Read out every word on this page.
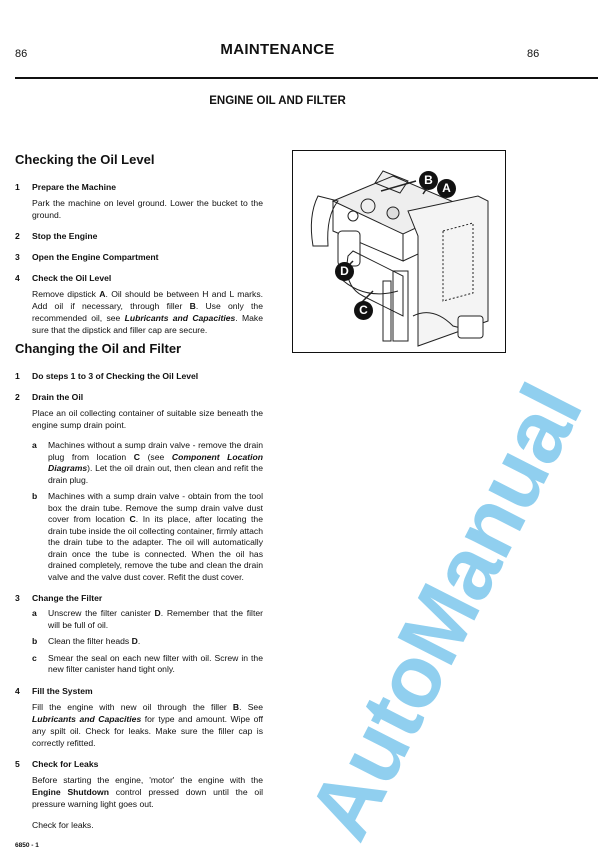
86	MAINTENANCE	86
ENGINE OIL AND FILTER
Checking the Oil Level
1 Prepare the Machine
Park the machine on level ground. Lower the bucket to the ground.
2 Stop the Engine
3 Open the Engine Compartment
4 Check the Oil Level
Remove dipstick A. Oil should be between H and L marks. Add oil if necessary, through filler B. Use only the recommended oil, see Lubricants and Capacities. Make sure that the dipstick and filler cap are secure.
Changing the Oil and Filter
1 Do steps 1 to 3 of Checking the Oil Level
2 Drain the Oil
Place an oil collecting container of suitable size beneath the engine sump drain point.
a Machines without a sump drain valve - remove the drain plug from location C (see Component Location Diagrams). Let the oil drain out, then clean and refit the drain plug.
b Machines with a sump drain valve - obtain from the tool box the drain tube. Remove the sump drain valve dust cover from location C. In its place, after locating the drain tube inside the oil collecting container, firmly attach the drain tube to the adapter. The oil will automatically drain once the tube is connected. When the oil has drained completely, remove the tube and clean the drain valve and the valve dust cover. Refit the dust cover.
3 Change the Filter
a Unscrew the filter canister D. Remember that the filter will be full of oil.
b Clean the filter heads D.
c Smear the seal on each new filter with oil. Screw in the new filter canister hand tight only.
4 Fill the System
Fill the engine with new oil through the filler B. See Lubricants and Capacities for type and amount. Wipe off any spilt oil. Check for leaks. Make sure the filler cap is correctly refitted.
5 Check for Leaks
Before starting the engine, 'motor' the engine with the Engine Shutdown control pressed down until the oil pressure warning light goes out.
Check for leaks.
B
A
D
C
6850 - 1	AutoManual
